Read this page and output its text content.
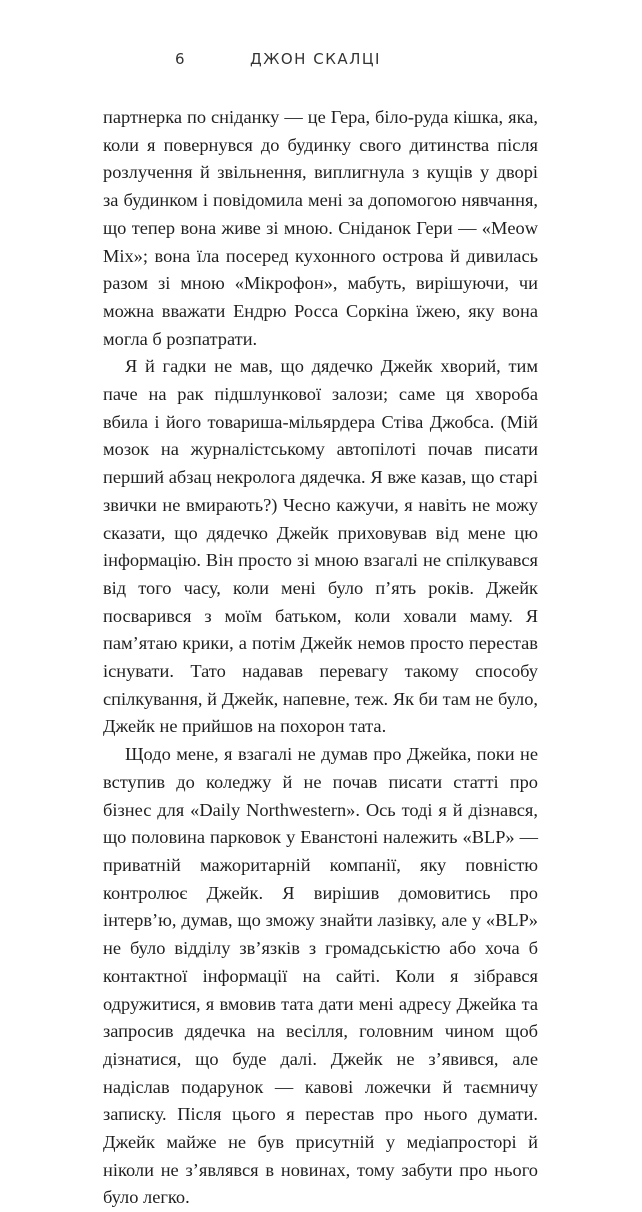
6	ДЖОН СКАЛЦІ

партнерка по сніданку — це Гера, біло-руда кішка, яка, коли я повернувся до будинку свого дитинства після розлучення й звільнення, виплигнула з кущів у дворі за будинком і повідомила мені за допомогою нявчання, що тепер вона живе зі мною. Сніданок Гери — «Meow Mix»; вона їла посеред кухонного острова й дивилась разом зі мною «Мікрофон», мабуть, вирішуючи, чи можна вважати Ендрю Росса Соркіна їжею, яку вона могла б розпатрати.

Я й гадки не мав, що дядечко Джейк хворий, тим паче на рак підшлункової залози; саме ця хвороба вбила і його товариша-мільярдера Стіва Джобса. (Мій мозок на журналістському автопілоті почав писати перший абзац некролога дядечка. Я вже казав, що старі звички не вмирають?) Чесно кажучи, я навіть не можу сказати, що дядечко Джейк приховував від мене цю інформацію. Він просто зі мною взагалі не спілкувався від того часу, коли мені було п’ять років. Джейк посварився з моїм батьком, коли ховали маму. Я пам’ятаю крики, а потім Джейк немов просто перестав існувати. Тато надавав перевагу такому способу спілкування, й Джейк, напевне, теж. Як би там не було, Джейк не прийшов на похорон тата.

Щодо мене, я взагалі не думав про Джейка, поки не вступив до коледжу й не почав писати статті про бізнес для «Daily Northwestern». Ось тоді я й дізнався, що половина парковок у Еванстоні належить «BLP» — приватній мажоритарній компанії, яку повністю контролює Джейк. Я вирішив домовитись про інтерв’ю, думав, що зможу знайти лазівку, але у «BLP» не було відділу зв’язків з громадськістю або хоча б контактної інформації на сайті. Коли я зібрався одружитися, я вмовив тата дати мені адресу Джейка та запросив дядечка на весілля, головним чином щоб дізнатися, що буде далі. Джейк не з’явився, але надіслав подарунок — кавові ложечки й таємничу записку. Після цього я перестав про нього думати. Джейк майже не був присутній у медіапросторі й ніколи не з’являвся в новинах, тому забути про нього було легко.
